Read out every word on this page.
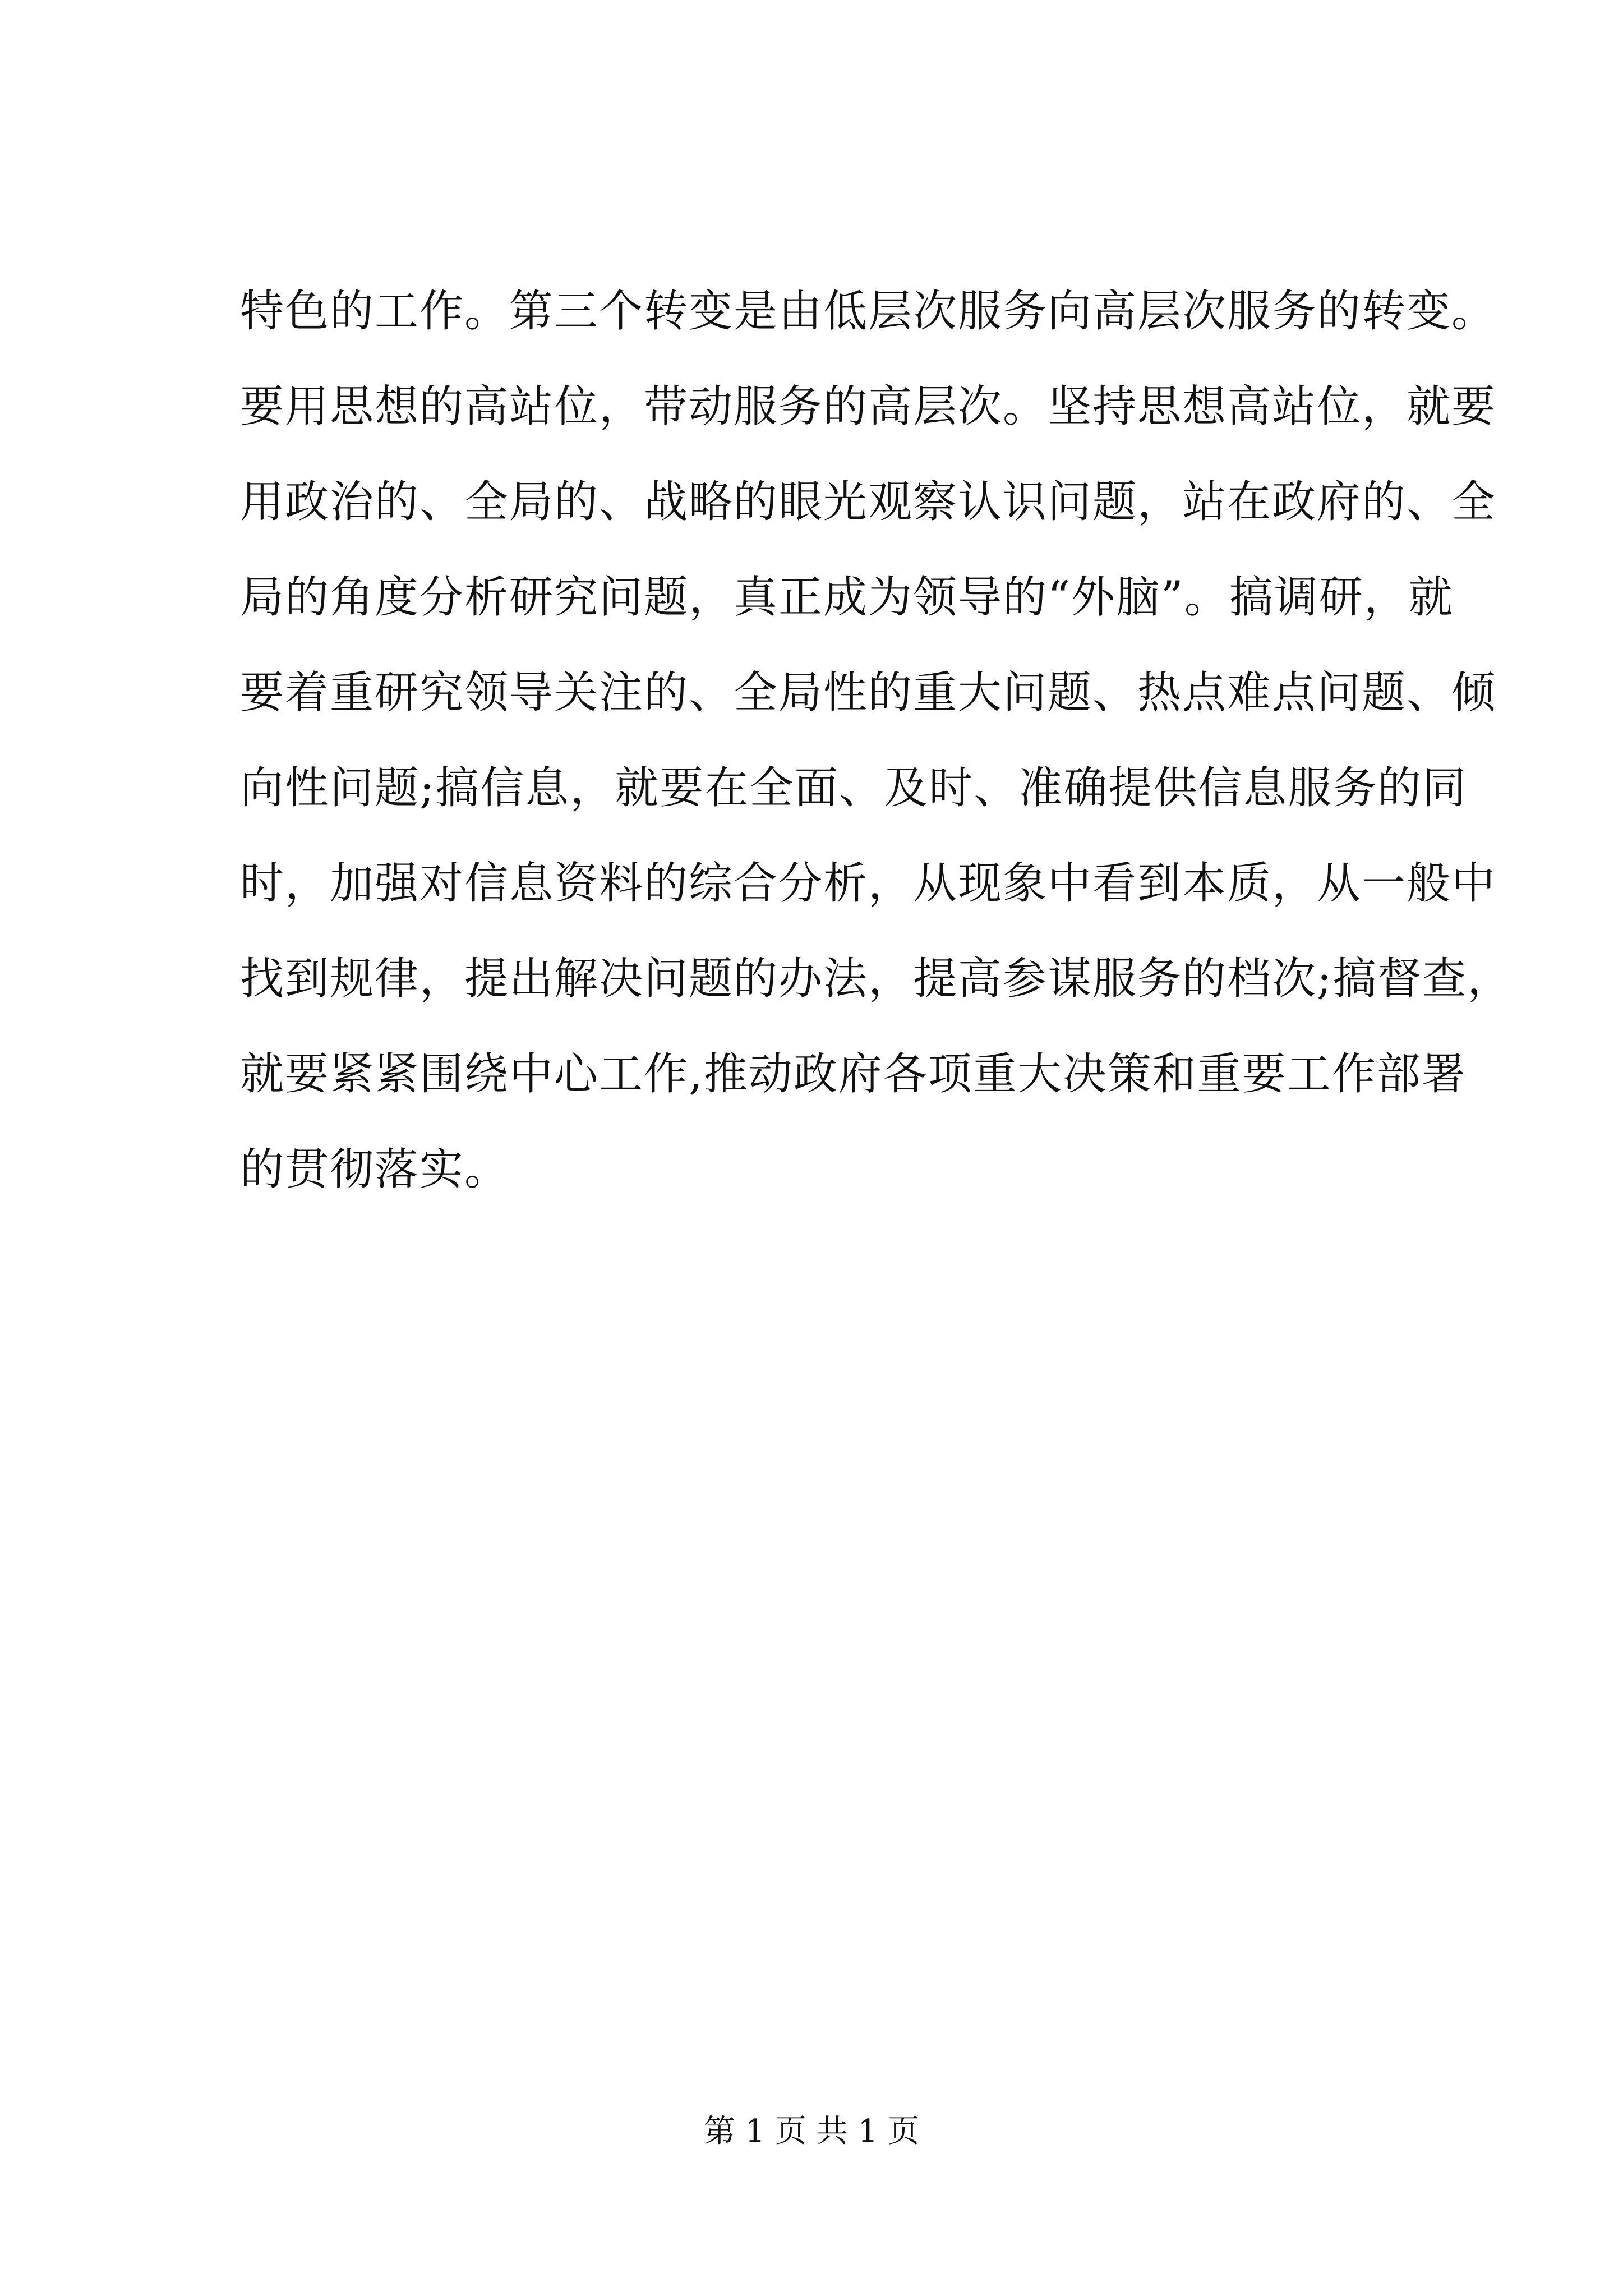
特色的工作。第三个转变是由低层次服务向高层次服务的转变。
要用思想的高站位，带动服务的高层次。坚持思想高站位，就要
用政治的、全局的、战略的眼光观察认识问题，站在政府的、全
局的角度分析研究问题，真正成为领导的“外脑”。搞调研，就
要着重研究领导关注的、全局性的重大问题、热点难点问题、倾
向性问题;搞信息，就要在全面、及时、准确提供信息服务的同
时，加强对信息资料的综合分析，从现象中看到本质，从一般中
找到规律，提出解决问题的办法，提高参谋服务的档次;搞督查，
就要紧紧围绕中心工作,推动政府各项重大决策和重要工作部署
的贯彻落实。
第 1 页 共 1 页
